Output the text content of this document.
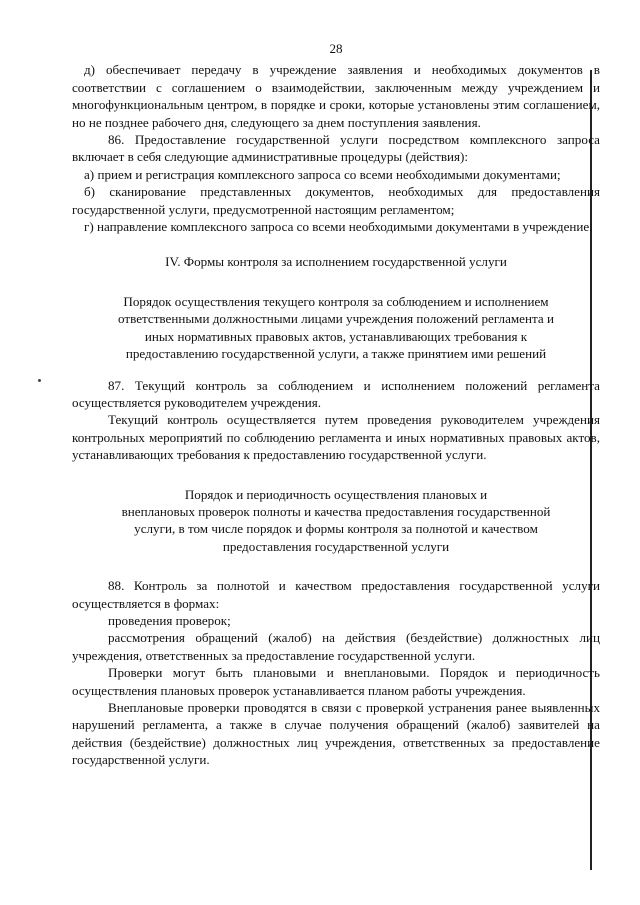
28

д) обеспечивает передачу в учреждение заявления и необходимых документов в соответствии с соглашением о взаимодействии, заключенным между учреждением и многофункциональным центром, в порядке и сроки, которые установлены этим соглашением, но не позднее рабочего дня, следующего за днем поступления заявления.

86. Предоставление государственной услуги посредством комплексного запроса включает в себя следующие административные процедуры (действия):

а) прием и регистрация комплексного запроса со всеми необходимыми документами;

б) сканирование представленных документов, необходимых для предоставления государственной услуги, предусмотренной настоящим регламентом;

г) направление комплексного запроса со всеми необходимыми документами в учреждение.

IV. Формы контроля за исполнением государственной услуги

Порядок осуществления текущего контроля за соблюдением и исполнением

ответственными должностными лицами учреждения положений регламента и

иных нормативных правовых актов, устанавливающих требования к

предоставлению государственной услуги, а также принятием ими решений

87. Текущий контроль за соблюдением и исполнением положений регламента осуществляется руководителем учреждения.

Текущий контроль осуществляется путем проведения руководителем учреждения контрольных мероприятий по соблюдению регламента и иных нормативных правовых актов, устанавливающих требования к предоставлению государственной услуги.

Порядок и периодичность осуществления плановых и

внеплановых проверок полноты и качества предоставления государственной

услуги, в том числе порядок и формы контроля за полнотой и качеством

предоставления государственной услуги

88. Контроль за полнотой и качеством предоставления государственной услуги осуществляется в формах:

проведения проверок;

рассмотрения обращений (жалоб) на действия (бездействие) должностных лиц учреждения, ответственных за предоставление государственной услуги.

Проверки могут быть плановыми и внеплановыми. Порядок и периодичность осуществления плановых проверок устанавливается планом работы учреждения.

Внеплановые проверки проводятся в связи с проверкой устранения ранее выявленных нарушений регламента, а также в случае получения обращений (жалоб) заявителей на действия (бездействие) должностных лиц учреждения, ответственных за предоставление государственной услуги.
